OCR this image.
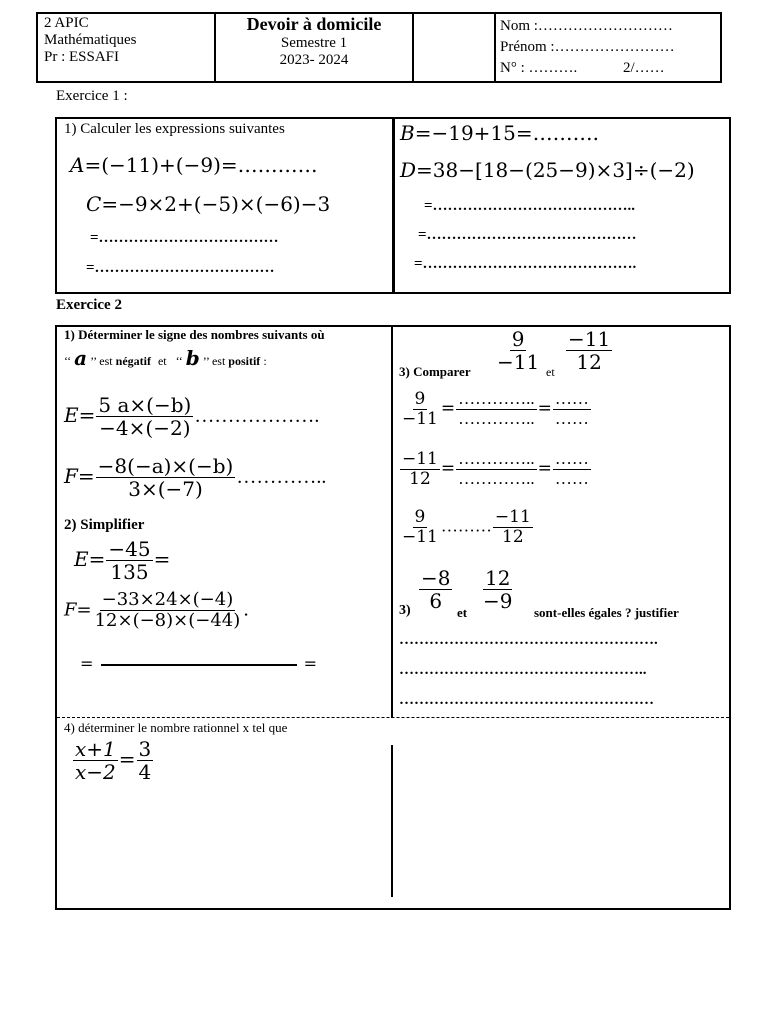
2 APIC
Mathématiques
Pr : ESSAFI
Devoir à domicile
Semestre 1
2023- 2024
Nom :………………………
Prénom :……………………
N° : ……….	2/……
Exercice 1 :
1) Calculer les expressions suivantes
A=(−11)+(−9)=…………
C=−9×2+(−5)×(−6)−3
=………………………………
=………………………………
B=−19+15=……….
D=38−[18−(25−9)×3]÷(−2)
=…………………………………..
=……………………………………
=…………………………………….
Exercice 2
1) Déterminer le signe des nombres suivants où
‘‘ a ’’ est négatif et ‘‘ b ’’ est positif :
$E= \frac{5 a\times(-b)}{-4\times(-2)}$ ……………….
$F= \frac{-8(-a)\times(-b)}{3\times(-7)}$ …………..
2) Simplifier
$E= \frac{-45}{135}$ =
$F= \frac{-33\times 24\times(-4)}{12\times(-8)\times(-44)}$ .
=	=
$\frac{9}{-11} \frac{-11}{12}$
3) Comparer	et
$\frac{9}{-11} = \frac{\dots\dots\dots\dots..}{\dots\dots\dots\dots..} = \frac{\dots\dots}{\dots\dots}$
$\frac{-11}{12} = \frac{\dots\dots\dots\dots..}{\dots\dots\dots\dots..} = \frac{\dots\dots}{\dots\dots}$
$\frac{9}{-11}$ ……… $\frac{-11}{12}$
$\frac{-8}{6} \frac{12}{-9}$
3)	et	sont-elles égales ? justifier
…………………………………………….
…………………………………………..
……………………………………………
4) déterminer le nombre rationnel x tel que
$\frac{x+1}{x-2} = \frac{3}{4}$
